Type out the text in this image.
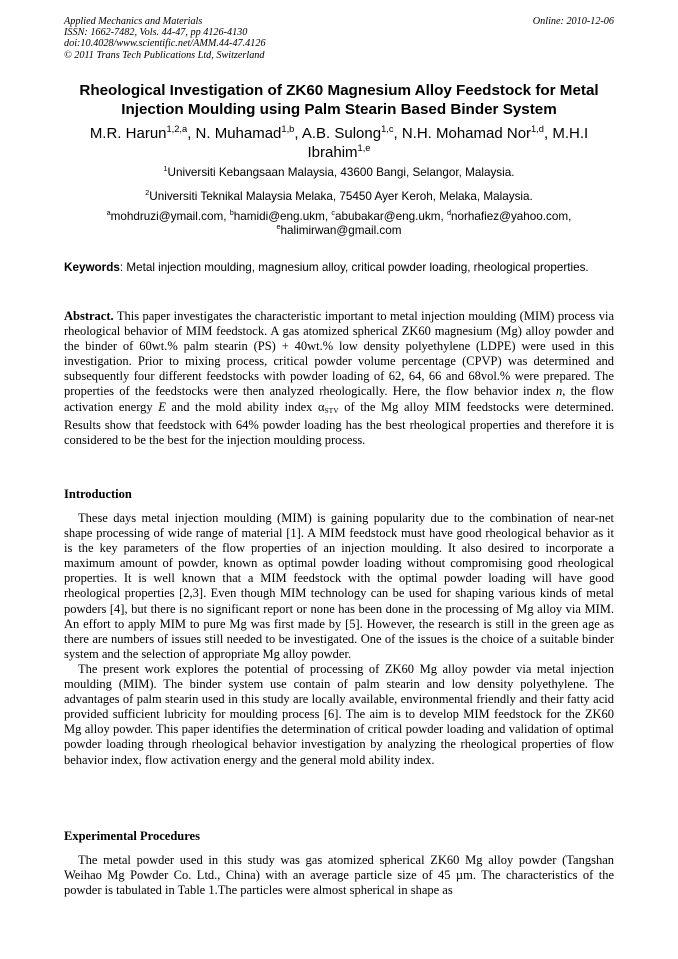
Applied Mechanics and Materials
ISSN: 1662-7482, Vols. 44-47, pp 4126-4130
doi:10.4028/www.scientific.net/AMM.44-47.4126
© 2011 Trans Tech Publications Ltd, Switzerland
Online: 2010-12-06
Rheological Investigation of ZK60 Magnesium Alloy Feedstock for Metal Injection Moulding using Palm Stearin Based Binder System
M.R. Harun$^{1,2,a}$, N. Muhamad$^{1,b}$, A.B. Sulong$^{1,c}$, N.H. Mohamad Nor$^{1,d}$, M.H.I Ibrahim$^{1,e}$
$^1$Universiti Kebangsaan Malaysia, 43600 Bangi, Selangor, Malaysia.
$^2$Universiti Teknikal Malaysia Melaka, 75450 Ayer Keroh, Melaka, Malaysia.
$^a$mohdruzi@ymail.com, $^b$hamidi@eng.ukm, $^c$abubakar@eng.ukm, $^d$norhafiez@yahoo.com,
$^e$halimirwan@gmail.com
Keywords: Metal injection moulding, magnesium alloy, critical powder loading, rheological properties.
Abstract. This paper investigates the characteristic important to metal injection moulding (MIM) process via rheological behavior of MIM feedstock. A gas atomized spherical ZK60 magnesium (Mg) alloy powder and the binder of 60wt.% palm stearin (PS) + 40wt.% low density polyethylene (LDPE) were used in this investigation. Prior to mixing process, critical powder volume percentage (CPVP) was determined and subsequently four different feedstocks with powder loading of 62, 64, 66 and 68vol.% were prepared. The properties of the feedstocks were then analyzed rheologically. Here, the flow behavior index n, the flow activation energy E and the mold ability index $\alpha_{STV}$ of the Mg alloy MIM feedstocks were determined. Results show that feedstock with 64% powder loading has the best rheological properties and therefore it is considered to be the best for the injection moulding process.
Introduction

These days metal injection moulding (MIM) is gaining popularity due to the combination of near-net shape processing of wide range of material [1]. A MIM feedstock must have good rheological behavior as it is the key parameters of the flow properties of an injection moulding. It also desired to incorporate a maximum amount of powder, known as optimal powder loading without compromising good rheological properties. It is well known that a MIM feedstock with the optimal powder loading will have good rheological properties [2,3]. Even though MIM technology can be used for shaping various kinds of metal powders [4], but there is no significant report or none has been done in the processing of Mg alloy via MIM. An effort to apply MIM to pure Mg was first made by [5]. However, the research is still in the green age as there are numbers of issues still needed to be investigated. One of the issues is the choice of a suitable binder system and the selection of appropriate Mg alloy powder.

The present work explores the potential of processing of ZK60 Mg alloy powder via metal injection moulding (MIM). The binder system use contain of palm stearin and low density polyethylene. The advantages of palm stearin used in this study are locally available, environmental friendly and their fatty acid provided sufficient lubricity for moulding process [6]. The aim is to develop MIM feedstock for the ZK60 Mg alloy powder. This paper identifies the determination of critical powder loading and validation of optimal powder loading through rheological behavior investigation by analyzing the rheological properties of flow behavior index, flow activation energy and the general mold ability index.

Experimental Procedures

The metal powder used in this study was gas atomized spherical ZK60 Mg alloy powder (Tangshan Weihao Mg Powder Co. Ltd., China) with an average particle size of 45 µm. The characteristics of the powder is tabulated in Table 1.The particles were almost spherical in shape as
